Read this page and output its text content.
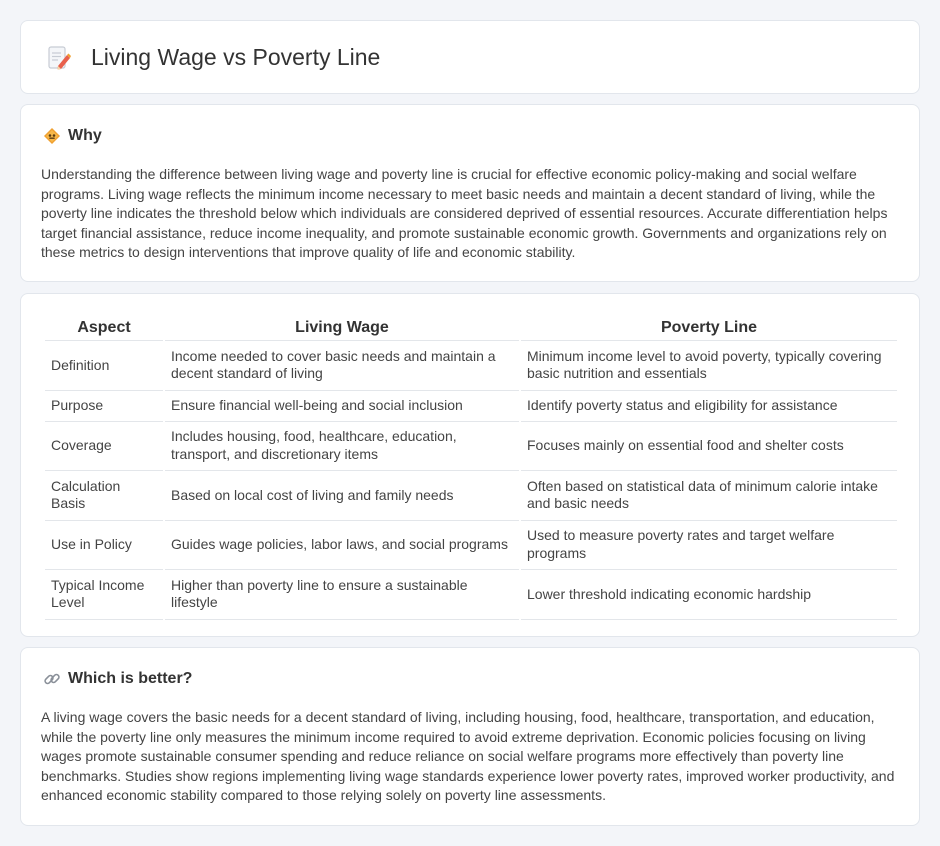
Living Wage vs Poverty Line
Why

Understanding the difference between living wage and poverty line is crucial for effective economic policy-making and social welfare programs. Living wage reflects the minimum income necessary to meet basic needs and maintain a decent standard of living, while the poverty line indicates the threshold below which individuals are considered deprived of essential resources. Accurate differentiation helps target financial assistance, reduce income inequality, and promote sustainable economic growth. Governments and organizations rely on these metrics to design interventions that improve quality of life and economic stability.

Aspect	Living Wage	Poverty Line
Definition	Income needed to cover basic needs and maintain a decent standard of living	Minimum income level to avoid poverty, typically covering basic nutrition and essentials
Purpose	Ensure financial well-being and social inclusion	Identify poverty status and eligibility for assistance
Coverage	Includes housing, food, healthcare, education, transport, and discretionary items	Focuses mainly on essential food and shelter costs
Calculation Basis	Based on local cost of living and family needs	Often based on statistical data of minimum calorie intake and basic needs
Use in Policy	Guides wage policies, labor laws, and social programs	Used to measure poverty rates and target welfare programs
Typical Income Level	Higher than poverty line to ensure a sustainable lifestyle	Lower threshold indicating economic hardship
Which is better?

A living wage covers the basic needs for a decent standard of living, including housing, food, healthcare, transportation, and education, while the poverty line only measures the minimum income required to avoid extreme deprivation. Economic policies focusing on living wages promote sustainable consumer spending and reduce reliance on social welfare programs more effectively than poverty line benchmarks. Studies show regions implementing living wage standards experience lower poverty rates, improved worker productivity, and enhanced economic stability compared to those relying solely on poverty line assessments.
